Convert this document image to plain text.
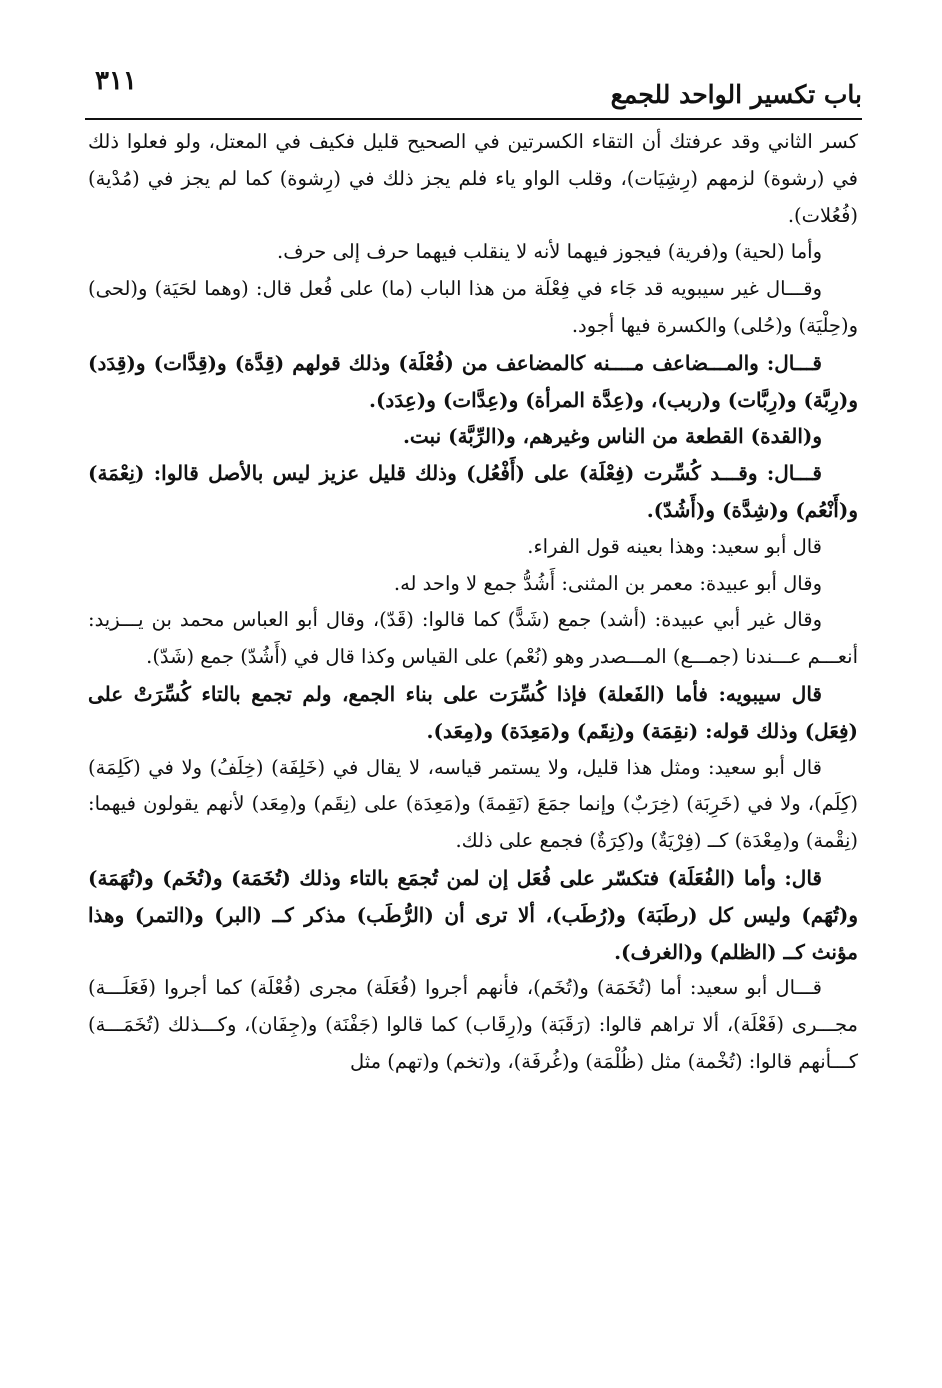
باب تكسير الواحد للجمع
٣١١

كسر الثاني وقد عرفتك أن التقاء الكسرتين في الصحيح قليل فكيف في المعتل، ولو فعلوا ذلك في (رشوة) لزمهم (رِشِيَات)، وقلب الواو ياء فلم يجز ذلك في (رِشوة) كما لم يجز في (مُدْية) (فُعُلات).

وأما (لحية) و(فرية) فيجوز فيهما لأنه لا ينقلب فيهما حرف إلى حرف.

وقـــال غير سيبويه قد جَاء في فِعْلَة من هذا الباب (ما) على فُعل قال: (وهما لحَيَة) و(لحى) و(حِلْيَة) و(حُلى) والكسرة فيها أجود.

قـــال: والمـــضاعف مــــنه كالمضاعف من (فُعْلَة) وذلك قولهم (قِدَّة) و(قِدَّات) و(قِدَد) و(رِبَّة) و(رِبَّات) و(ربب)، و(عِدَّة المرأة) و(عِدَّات) و(عِدَد).

و(القدة) القطعة من الناس وغيرهم، و(الرِّبَّة) نبت.

قـــال: وقـــد كُسِّرت (فِعْلَة) على (أَفْعُل) وذلك قليل عزيز ليس بالأصل قالوا: (نِعْمَة) و(أَنْعُم) و(شِدَّة) و(أَشُدّ).

قال أبو سعيد: وهذا بعينه قول الفراء.

وقال أبو عبيدة: معمر بن المثنى: أَشُدُّ جمع لا واحد له.

وقال غير أبي عبيدة: (أشد) جمع (شَدًّ) كما قالوا: (قَدّ)، وقال أبو العباس محمد بن يـــزيد: أنعـــم عـــندنا (جمـــع) المـــصدر وهو (نُعْم) على القياس وكذا قال في (أَشُدّ) جمع (شَدّ).

قال سيبويه: فأما (الفَعلة) فإذا كُسِّرَت على بناء الجمع، ولم تجمع بالتاء كُسِّرَتْ على (فِعَل) وذلك قوله: (نقِمَة) و(نِقَم) و(مَعِدَة) و(مِعَد).

قال أبو سعيد: ومثل هذا قليل، ولا يستمر قياسه، لا يقال في (خَلِفَة) (خِلَفُ) ولا في (كَلِمَة) (كِلَم)، ولا في (خَرِبَة) (خِرَبٌ) وإنما جمَعَ (نَقِمةَ) و(مَعِدَة) على (نِقَم) و(مِعَد) لأنهم يقولون فيهما: (نِقْمة) و(مِعْدَة) كــ (فِرْيَةٌ) و(كِرَةٌ) فجمع على ذلك.

قال: وأما (الفُعَلَة) فتكسّر على فُعَل إن لمن تُجمَع بالتاء وذلك (تُخَمَة) و(تُخَم) و(تُهَمَة) و(تُهَم) وليس كل (رطَبَة) و(رُطَب)، ألا ترى أن (الرُّطَب) مذكر كــ (البر) و(التمر) وهذا مؤنث كــ (الظلم) و(الغرف).

قـــال أبو سعيد: أما (تُخَمَة) و(تُخَم)، فأنهم أجروا (فُعَلَة) مجرى (فُعْلَة) كما أجروا (فَعَلَـــة) مجـــرى (فَعْلَة)، ألا تراهم قالوا: (رَقَبَة) و(رِقَاب) كما قالوا (جَفْنَة) و(جِفَان)، وكـــذلك (تُخَمَـــة) كـــأنهم قالوا: (تُخْمة) مثل (ظُلْمَة) و(غُرفَة)، و(تخم) و(تهم) مثل
